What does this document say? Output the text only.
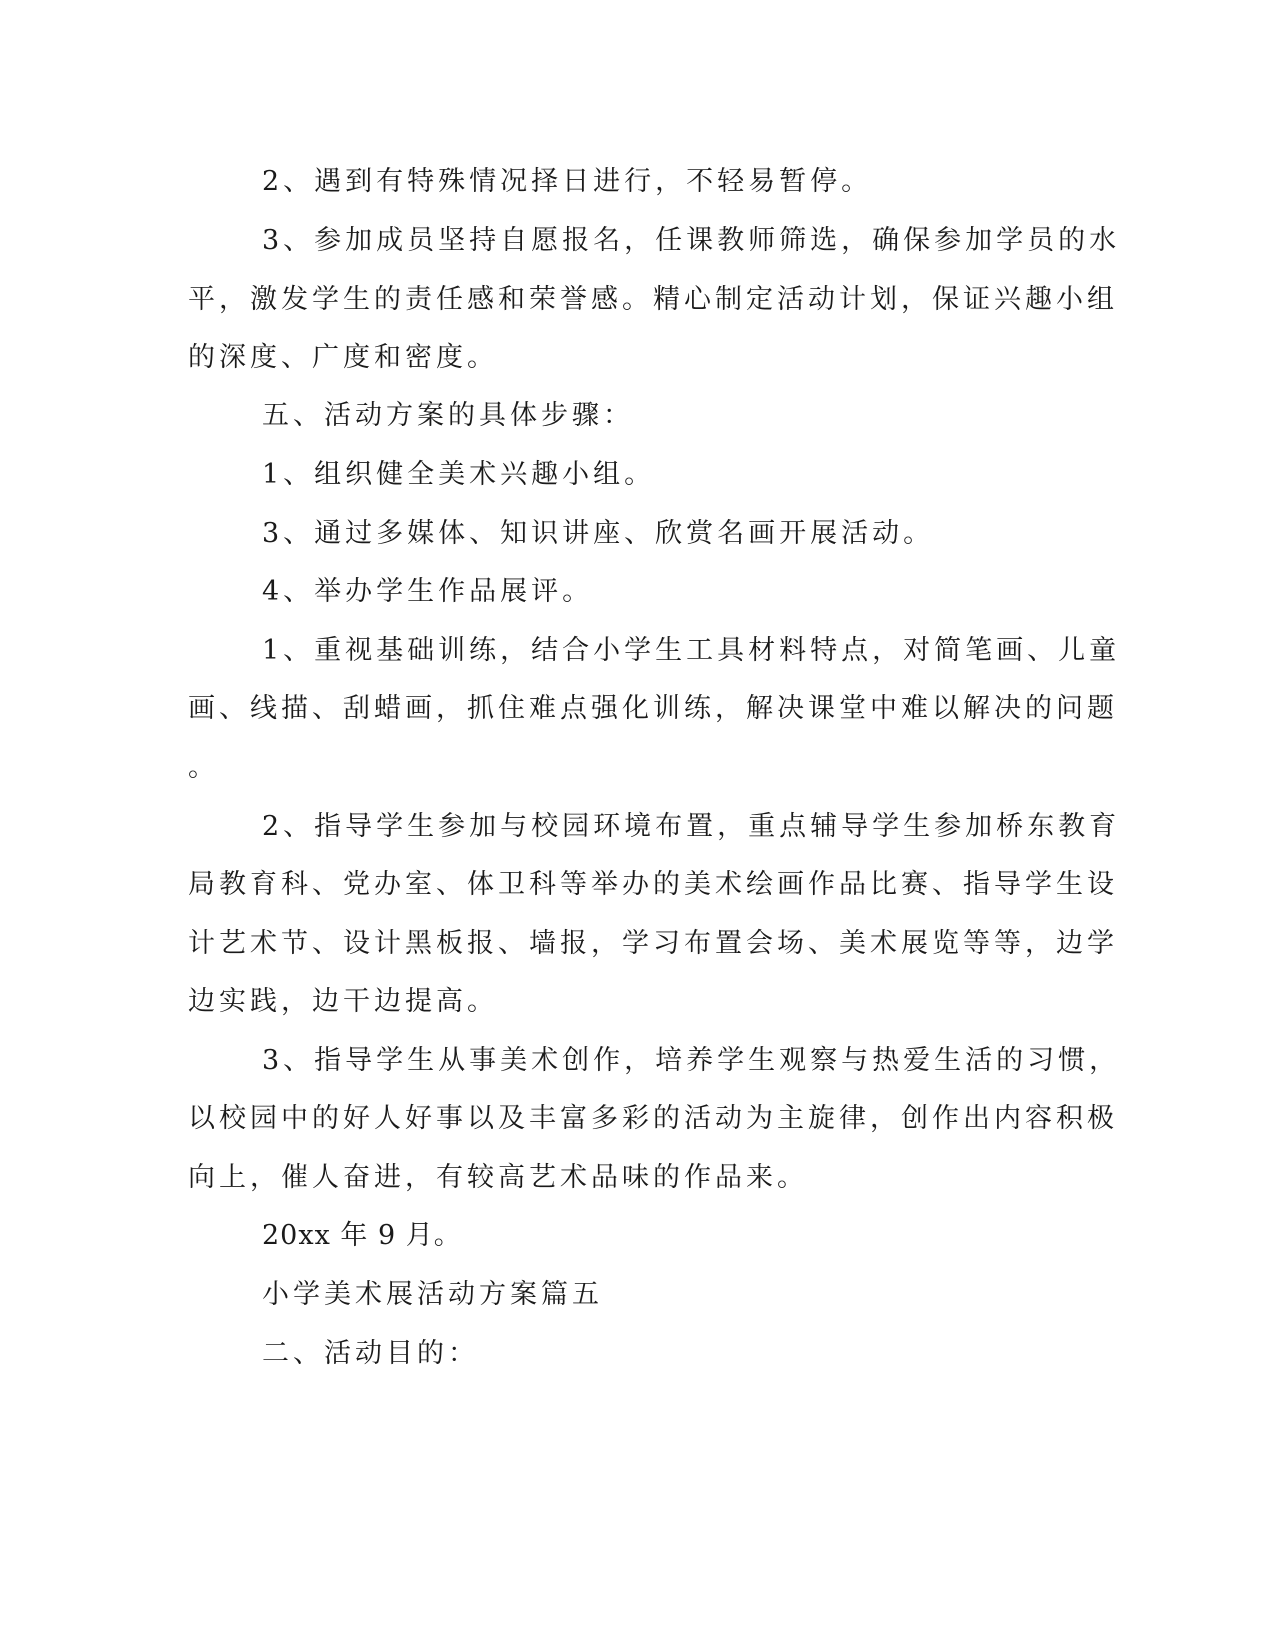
2、遇到有特殊情况择日进行，不轻易暂停。
3、参加成员坚持自愿报名，任课教师筛选，确保参加学员的水
平，激发学生的责任感和荣誉感。精心制定活动计划，保证兴趣小组
的深度、广度和密度。
五、活动方案的具体步骤：
1、组织健全美术兴趣小组。
3、通过多媒体、知识讲座、欣赏名画开展活动。
4、举办学生作品展评。
1、重视基础训练，结合小学生工具材料特点，对简笔画、儿童
画、线描、刮蜡画，抓住难点强化训练，解决课堂中难以解决的问题
。
2、指导学生参加与校园环境布置，重点辅导学生参加桥东教育
局教育科、党办室、体卫科等举办的美术绘画作品比赛、指导学生设
计艺术节、设计黑板报、墙报，学习布置会场、美术展览等等，边学
边实践，边干边提高。
3、指导学生从事美术创作，培养学生观察与热爱生活的习惯，
以校园中的好人好事以及丰富多彩的活动为主旋律，创作出内容积极
向上，催人奋进，有较高艺术品味的作品来。
20xx 年 9 月。
小学美术展活动方案篇五
二、活动目的：
